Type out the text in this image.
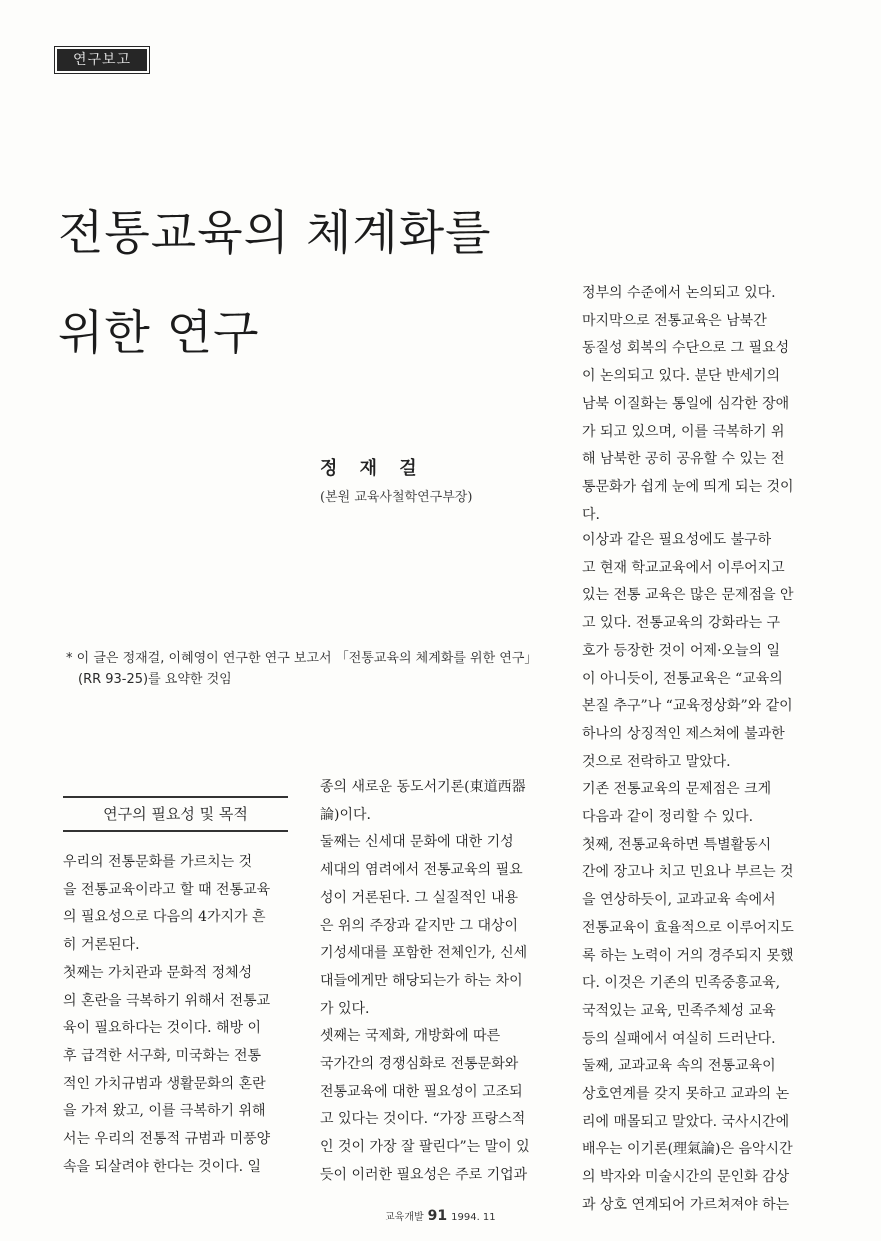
연구보고
전통교육의 체계화를
위한 연구
정 재 걸
(본원 교육사철학연구부장)

* 이 글은 정재걸, 이혜영이 연구한 연구 보고서 「전통교육의 체계화를 위한 연구」

(RR 93-25)를 요약한 것임

연구의 필요성 및 목적

우리의 전통문화를 가르치는 것

을 전통교육이라고 할 때 전통교육

의 필요성으로 다음의 4가지가 흔

히 거론된다.

첫째는 가치관과 문화적 정체성

의 혼란을 극복하기 위해서 전통교

육이 필요하다는 것이다. 해방 이

후 급격한 서구화, 미국화는 전통

적인 가치규범과 생활문화의 혼란

을 가져 왔고, 이를 극복하기 위해

서는 우리의 전통적 규범과 미풍양

속을 되살려야 한다는 것이다. 일

종의 새로운 동도서기론(東道西器

論)이다.

둘째는 신세대 문화에 대한 기성

세대의 염려에서 전통교육의 필요

성이 거론된다. 그 실질적인 내용

은 위의 주장과 같지만 그 대상이

기성세대를 포함한 전체인가, 신세

대들에게만 해당되는가 하는 차이

가 있다.

셋째는 국제화, 개방화에 따른

국가간의 경쟁심화로 전통문화와

전통교육에 대한 필요성이 고조되

고 있다는 것이다. “가장 프랑스적

인 것이 가장 잘 팔린다”는 말이 있

듯이 이러한 필요성은 주로 기업과

정부의 수준에서 논의되고 있다.

마지막으로 전통교육은 남북간

동질성 회복의 수단으로 그 필요성

이 논의되고 있다. 분단 반세기의

남북 이질화는 통일에 심각한 장애

가 되고 있으며, 이를 극복하기 위

해 남북한 공히 공유할 수 있는 전

통문화가 쉽게 눈에 띄게 되는 것이

다.

이상과 같은 필요성에도 불구하

고 현재 학교교육에서 이루어지고

있는 전통 교육은 많은 문제점을 안

고 있다. 전통교육의 강화라는 구

호가 등장한 것이 어제·오늘의 일

이 아니듯이, 전통교육은 “교육의

본질 추구”나 “교육정상화”와 같이

하나의 상징적인 제스쳐에 불과한

것으로 전락하고 말았다.

기존 전통교육의 문제점은 크게

다음과 같이 정리할 수 있다.

첫째, 전통교육하면 특별활동시

간에 장고나 치고 민요나 부르는 것

을 연상하듯이, 교과교육 속에서

전통교육이 효율적으로 이루어지도

록 하는 노력이 거의 경주되지 못했

다. 이것은 기존의 민족중흥교육,

국적있는 교육, 민족주체성 교육

등의 실패에서 여실히 드러난다.

둘째, 교과교육 속의 전통교육이

상호연계를 갖지 못하고 교과의 논

리에 매몰되고 말았다. 국사시간에

배우는 이기론(理氣論)은 음악시간

의 박자와 미술시간의 문인화 감상

과 상호 연계되어 가르쳐져야 하는

교육개발 91 1994. 11
